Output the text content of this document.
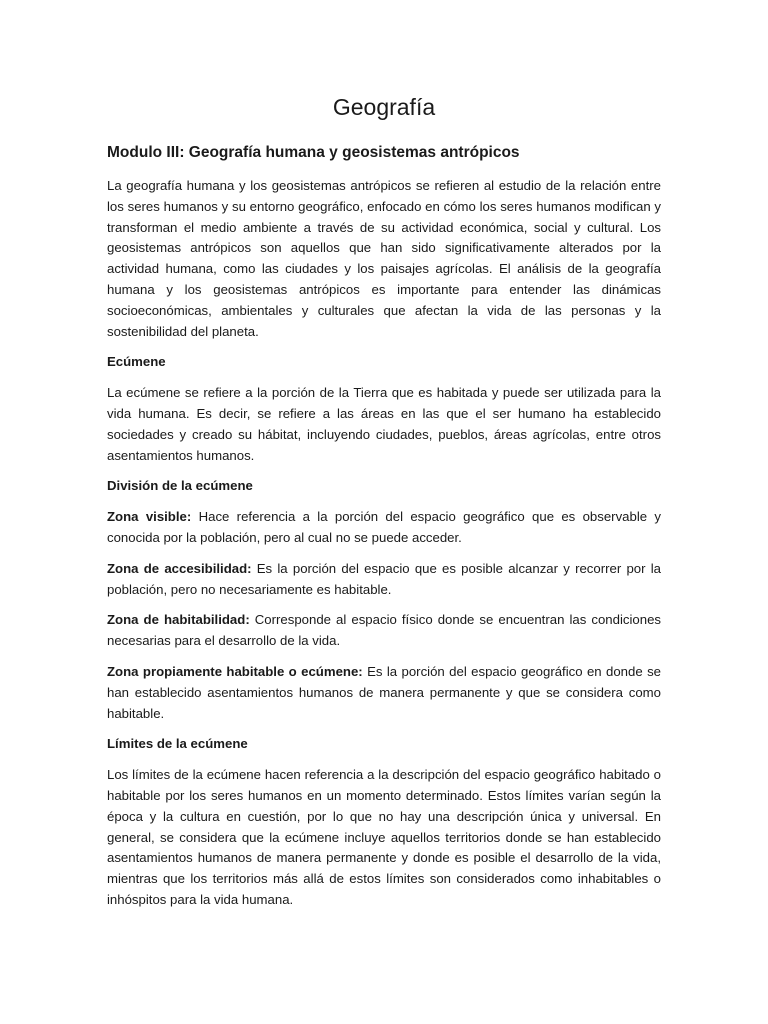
Geografía
Modulo III: Geografía humana y geosistemas antrópicos

La geografía humana y los geosistemas antrópicos se refieren al estudio de la relación entre los seres humanos y su entorno geográfico, enfocado en cómo los seres humanos modifican y transforman el medio ambiente a través de su actividad económica, social y cultural. Los geosistemas antrópicos son aquellos que han sido significativamente alterados por la actividad humana, como las ciudades y los paisajes agrícolas. El análisis de la geografía humana y los geosistemas antrópicos es importante para entender las dinámicas socioeconómicas, ambientales y culturales que afectan la vida de las personas y la sostenibilidad del planeta.

Ecúmene

La ecúmene se refiere a la porción de la Tierra que es habitada y puede ser utilizada para la vida humana. Es decir, se refiere a las áreas en las que el ser humano ha establecido sociedades y creado su hábitat, incluyendo ciudades, pueblos, áreas agrícolas, entre otros asentamientos humanos.

División de la ecúmene

Zona visible: Hace referencia a la porción del espacio geográfico que es observable y conocida por la población, pero al cual no se puede acceder.

Zona de accesibilidad: Es la porción del espacio que es posible alcanzar y recorrer por la población, pero no necesariamente es habitable.

Zona de habitabilidad: Corresponde al espacio físico donde se encuentran las condiciones necesarias para el desarrollo de la vida.

Zona propiamente habitable o ecúmene: Es la porción del espacio geográfico en donde se han establecido asentamientos humanos de manera permanente y que se considera como habitable.

Límites de la ecúmene

Los límites de la ecúmene hacen referencia a la descripción del espacio geográfico habitado o habitable por los seres humanos en un momento determinado. Estos límites varían según la época y la cultura en cuestión, por lo que no hay una descripción única y universal. En general, se considera que la ecúmene incluye aquellos territorios donde se han establecido asentamientos humanos de manera permanente y donde es posible el desarrollo de la vida, mientras que los territorios más allá de estos límites son considerados como inhabitables o inhóspitos para la vida humana.
